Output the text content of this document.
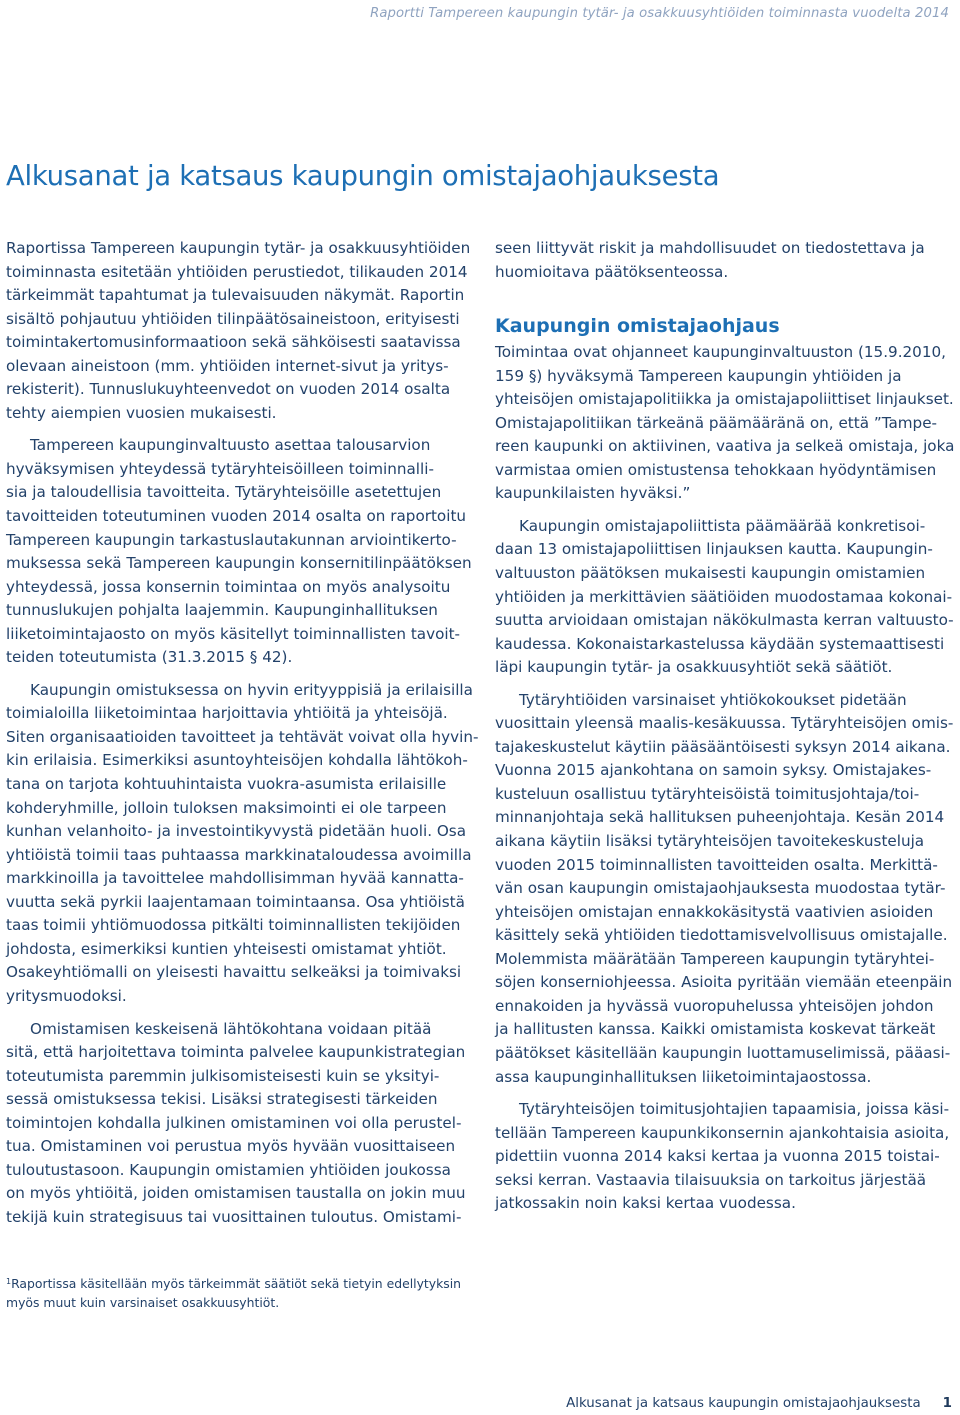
Raportti Tampereen kaupungin tytär- ja osakkuusyhtiöiden toiminnasta vuodelta 2014
Alkusanat ja katsaus kaupungin omistajaohjauksesta

Raportissa Tampereen kaupungin tytär- ja osakkuusyhtiöiden
toiminnasta esitetään yhtiöiden perustiedot, tilikauden 2014
tärkeimmät tapahtumat ja tulevaisuuden näkymät. Raportin
sisältö pohjautuu yhtiöiden tilinpäätösaineistoon, erityisesti
toimintakertomusinformaatioon sekä sähköisesti saatavissa
olevaan aineistoon (mm. yhtiöiden internet-sivut ja yritys-
rekisterit). Tunnuslukuyhteenvedot on vuoden 2014 osalta
tehty aiempien vuosien mukaisesti.

Tampereen kaupunginvaltuusto asettaa talousarvion
hyväksymisen yhteydessä tytäryhteisöilleen toiminnalli-
sia ja taloudellisia tavoitteita. Tytäryhteisöille asetettujen
tavoitteiden toteutuminen vuoden 2014 osalta on raportoitu
Tampereen kaupungin tarkastuslautakunnan arviointikerto-
muksessa sekä Tampereen kaupungin konsernitilinpäätöksen
yhteydessä, jossa konsernin toimintaa on myös analysoitu
tunnuslukujen pohjalta laajemmin. Kaupunginhallituksen
liiketoimintajaosto on myös käsitellyt toiminnallisten tavoit-
teiden toteutumista (31.3.2015 § 42).

Kaupungin omistuksessa on hyvin erityyppisiä ja erilaisilla
toimialoilla liiketoimintaa harjoittavia yhtiöitä ja yhteisöjä.
Siten organisaatioiden tavoitteet ja tehtävät voivat olla hyvin-
kin erilaisia. Esimerkiksi asuntoyhteisöjen kohdalla lähtökoh-
tana on tarjota kohtuuhintaista vuokra-asumista erilaisille
kohderyhmille, jolloin tuloksen maksimointi ei ole tarpeen
kunhan velanhoito- ja investointikyvystä pidetään huoli. Osa
yhtiöistä toimii taas puhtaassa markkinataloudessa avoimilla
markkinoilla ja tavoittelee mahdollisimman hyvää kannatta-
vuutta sekä pyrkii laajentamaan toimintaansa. Osa yhtiöistä
taas toimii yhtiömuodossa pitkälti toiminnallisten tekijöiden
johdosta, esimerkiksi kuntien yhteisesti omistamat yhtiöt.
Osakeyhtiömalli on yleisesti havaittu selkeäksi ja toimivaksi
yritysmuodoksi.

Omistamisen keskeisenä lähtökohtana voidaan pitää
sitä, että harjoitettava toiminta palvelee kaupunkistrategian
toteutumista paremmin julkisomisteisesti kuin se yksityi-
sessä omistuksessa tekisi. Lisäksi strategisesti tärkeiden
toimintojen kohdalla julkinen omistaminen voi olla perustel-
tua. Omistaminen voi perustua myös hyvään vuosittaiseen
tuloutustasoon. Kaupungin omistamien yhtiöiden joukossa
on myös yhtiöitä, joiden omistamisen taustalla on jokin muu
tekijä kuin strategisuus tai vuosittainen tuloutus. Omistami-

seen liittyvät riskit ja mahdollisuudet on tiedostettava ja
huomioitava päätöksenteossa.

Kaupungin omistajaohjaus

Toimintaa ovat ohjanneet kaupunginvaltuuston (15.9.2010,
159 §) hyväksymä Tampereen kaupungin yhtiöiden ja
yhteisöjen omistajapolitiikka ja omistajapoliittiset linjaukset.
Omistajapolitiikan tärkeänä päämääränä on, että ”Tampe-
reen kaupunki on aktiivinen, vaativa ja selkeä omistaja, joka
varmistaa omien omistustensa tehokkaan hyödyntämisen
kaupunkilaisten hyväksi.”

Kaupungin omistajapoliittista päämäärää konkretisoi-
daan 13 omistajapoliittisen linjauksen kautta. Kaupungin-
valtuuston päätöksen mukaisesti kaupungin omistamien
yhtiöiden ja merkittävien säätiöiden muodostamaa kokonai-
suutta arvioidaan omistajan näkökulmasta kerran valtuusto-
kaudessa. Kokonaistarkastelussa käydään systemaattisesti
läpi kaupungin tytär- ja osakkuusyhtiöt sekä säätiöt.

Tytäryhtiöiden varsinaiset yhtiökokoukset pidetään
vuosittain yleensä maalis-kesäkuussa. Tytäryhteisöjen omis-
tajakeskustelut käytiin pääsääntöisesti syksyn 2014 aikana.
Vuonna 2015 ajankohtana on samoin syksy. Omistajakes-
kusteluun osallistuu tytäryhteisöistä toimitusjohtaja/toi-
minnanjohtaja sekä hallituksen puheenjohtaja. Kesän 2014
aikana käytiin lisäksi tytäryhteisöjen tavoitekeskusteluja
vuoden 2015 toiminnallisten tavoitteiden osalta. Merkittä-
vän osan kaupungin omistajaohjauksesta muodostaa tytär-
yhteisöjen omistajan ennakkokäsitystä vaativien asioiden
käsittely sekä yhtiöiden tiedottamisvelvollisuus omistajalle.
Molemmista määrätään Tampereen kaupungin tytäryhtei-
söjen konserniohjeessa. Asioita pyritään viemään eteenpäin
ennakoiden ja hyvässä vuoropuhelussa yhteisöjen johdon
ja hallitusten kanssa. Kaikki omistamista koskevat tärkeät
päätökset käsitellään kaupungin luottamuselimissä, pääasi-
assa kaupunginhallituksen liiketoimintajaostossa.

Tytäryhteisöjen toimitusjohtajien tapaamisia, joissa käsi-
tellään Tampereen kaupunkikonsernin ajankohtaisia asioita,
pidettiin vuonna 2014 kaksi kertaa ja vuonna 2015 toistai-
seksi kerran. Vastaavia tilaisuuksia on tarkoitus järjestää
jatkossakin noin kaksi kertaa vuodessa.

$^1$Raportissa käsitellään myös tärkeimmät säätiöt sekä tietyin edellytyksin
myös muut kuin varsinaiset osakkuusyhtiöt.
Alkusanat ja katsaus kaupungin omistajaohjauksesta 1
